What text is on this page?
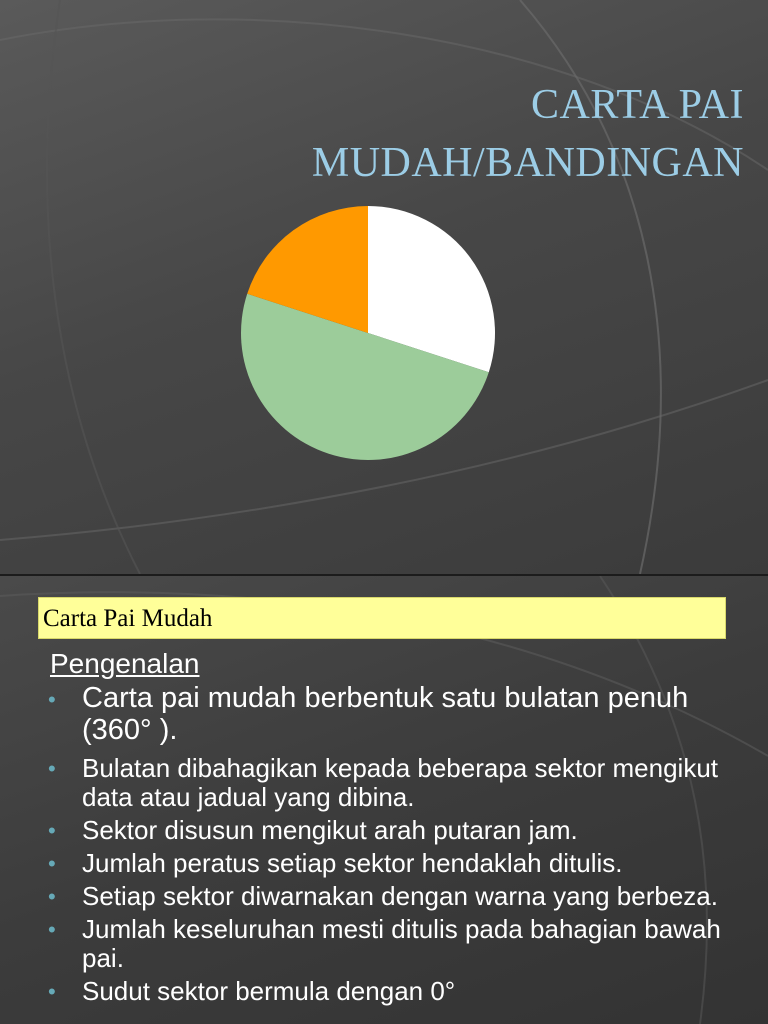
CARTA PAI
MUDAH/BANDINGAN
Carta Pai Mudah
Pengenalan
• Carta pai mudah berbentuk satu bulatan penuh (360° ).
• Bulatan dibahagikan kepada beberapa sektor mengikut data atau jadual yang dibina.
• Sektor disusun mengikut arah putaran jam.
• Jumlah peratus setiap sektor hendaklah ditulis.
• Setiap sektor diwarnakan dengan warna yang berbeza.
• Jumlah keseluruhan mesti ditulis pada bahagian bawah pai.
• Sudut sektor bermula dengan 0°
